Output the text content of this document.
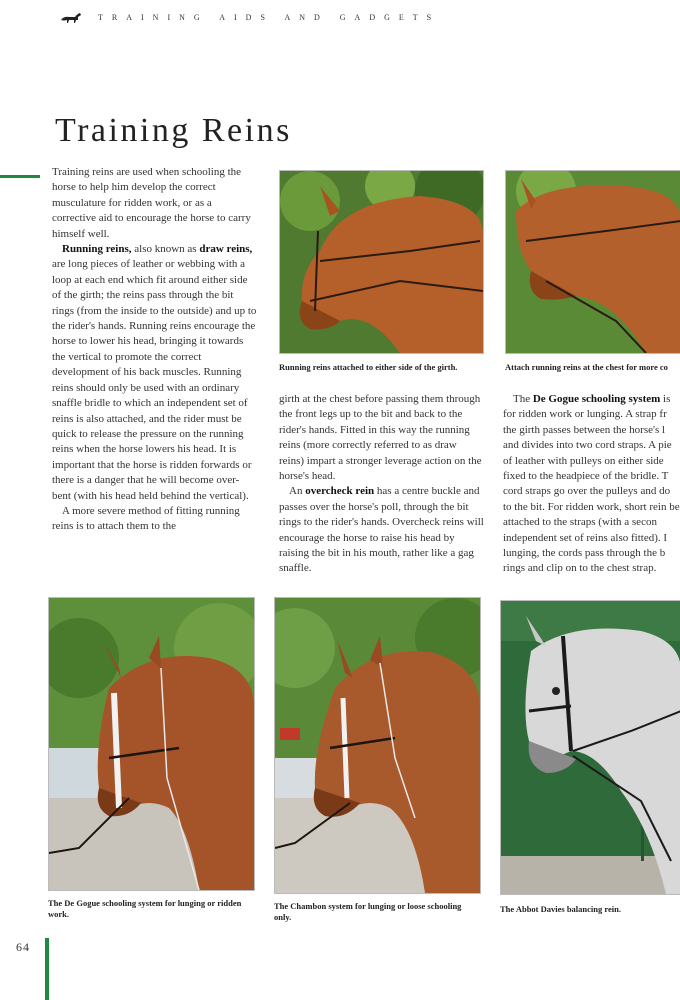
TRAINING AIDS AND GADGETS
Training Reins

Training reins are used when schooling the horse to help him develop the correct musculature for ridden work, or as a corrective aid to encourage the horse to carry himself well.

Running reins, also known as draw reins, are long pieces of leather or webbing with a loop at each end which fit around either side of the girth; the reins pass through the bit rings (from the inside to the outside) and up to the rider's hands. Running reins encourage the horse to lower his head, bringing it towards the vertical to promote the correct development of his back muscles. Running reins should only be used with an ordinary snaffle bridle to which an independent set of reins is also attached, and the rider must be quick to release the pressure on the running reins when the horse lowers his head. It is important that the horse is ridden forwards or there is a danger that he will become over-bent (with his head held behind the vertical).

A more severe method of fitting running reins is to attach them to the

Running reins attached to either side of the girth.	Attach running reins at the chest for more co

girth at the chest before passing them through the front legs up to the bit and back to the rider's hands. Fitted in this way the running reins (more correctly referred to as draw reins) impart a stronger leverage action on the horse's head.

An overcheck rein has a centre buckle and passes over the horse's poll, through the bit rings to the rider's hands. Overcheck reins will encourage the horse to raise his head by raising the bit in his mouth, rather like a gag snaffle.

The De Gogue schooling system is for ridden work or lunging. A strap fr the girth passes between the horse's l and divides into two cord straps. A pie of leather with pulleys on either side fixed to the headpiece of the bridle. T cord straps go over the pulleys and do to the bit. For ridden work, short rein be attached to the straps (with a secon independent set of reins also fitted). I lunging, the cords pass through the b rings and clip on to the chest strap.

The De Gogue schooling system for lunging or ridden work.
The Chambon system for lunging or loose schooling only.
The Abbot Davies balancing rein.
64
